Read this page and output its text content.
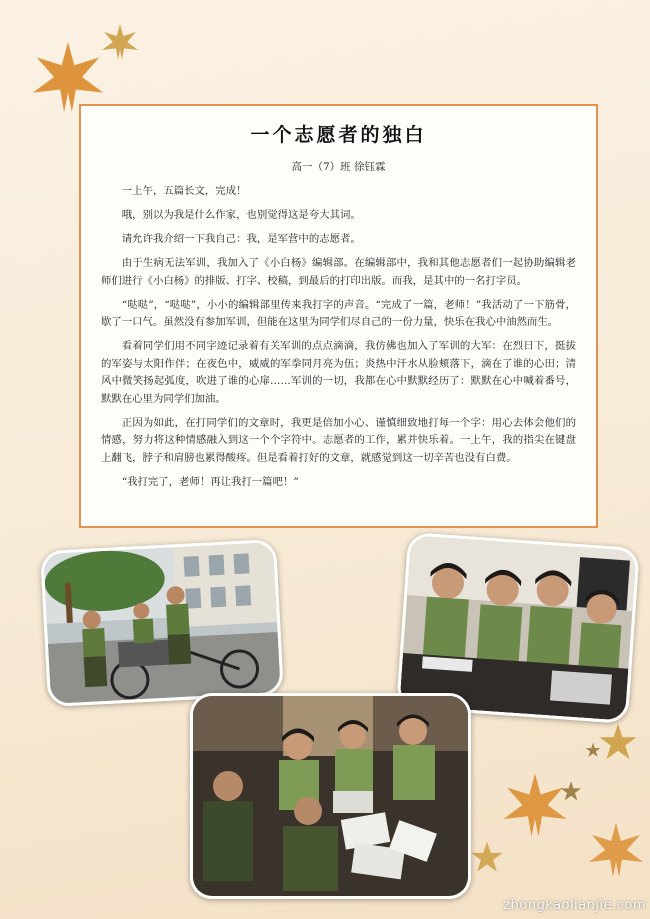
一个志愿者的独白
高一（7）班 徐钰霖

一上午，五篇长文，完成！

哦，别以为我是什么作家，也别觉得这是夸大其词。

请允许我介绍一下我自己：我，是军营中的志愿者。

由于生病无法军训，我加入了《小白杨》编辑部。在编辑部中，我和其他志愿者们一起协助编辑老师们进行《小白杨》的排版、打字、校稿，到最后的打印出版。而我，是其中的一名打字员。

“哒哒”，“哒哒”，小小的编辑部里传来我打字的声音。“完成了一篇，老师！”我活动了一下筋骨，歇了一口气。虽然没有参加军训，但能在这里为同学们尽自己的一份力量，快乐在我心中油然而生。

看着同学们用不同字迹记录着有关军训的点点滴滴，我仿佛也加入了军训的大军：在烈日下，挺拔的军姿与太阳作伴；在夜色中，威威的军拳同月亮为伍；炎热中汗水从脸颊落下，滴在了谁的心田；清风中微笑扬起弧度，吹进了谁的心扉……军训的一切，我都在心中默默经历了：默默在心中喊着番号，默默在心里为同学们加油。

正因为如此，在打同学们的文章时，我更是倍加小心、谨慎细致地打每一个字：用心去体会他们的情感，努力将这种情感融入到这一个个字符中。志愿者的工作，累并快乐着。一上午，我的指尖在键盘上翻飞，脖子和肩膀也累得酸疼。但是看着打好的文章，就感觉到这一切辛苦也没有白费。

“我打完了，老师！再让我打一篇吧！”

zhongkaolianjie.com
